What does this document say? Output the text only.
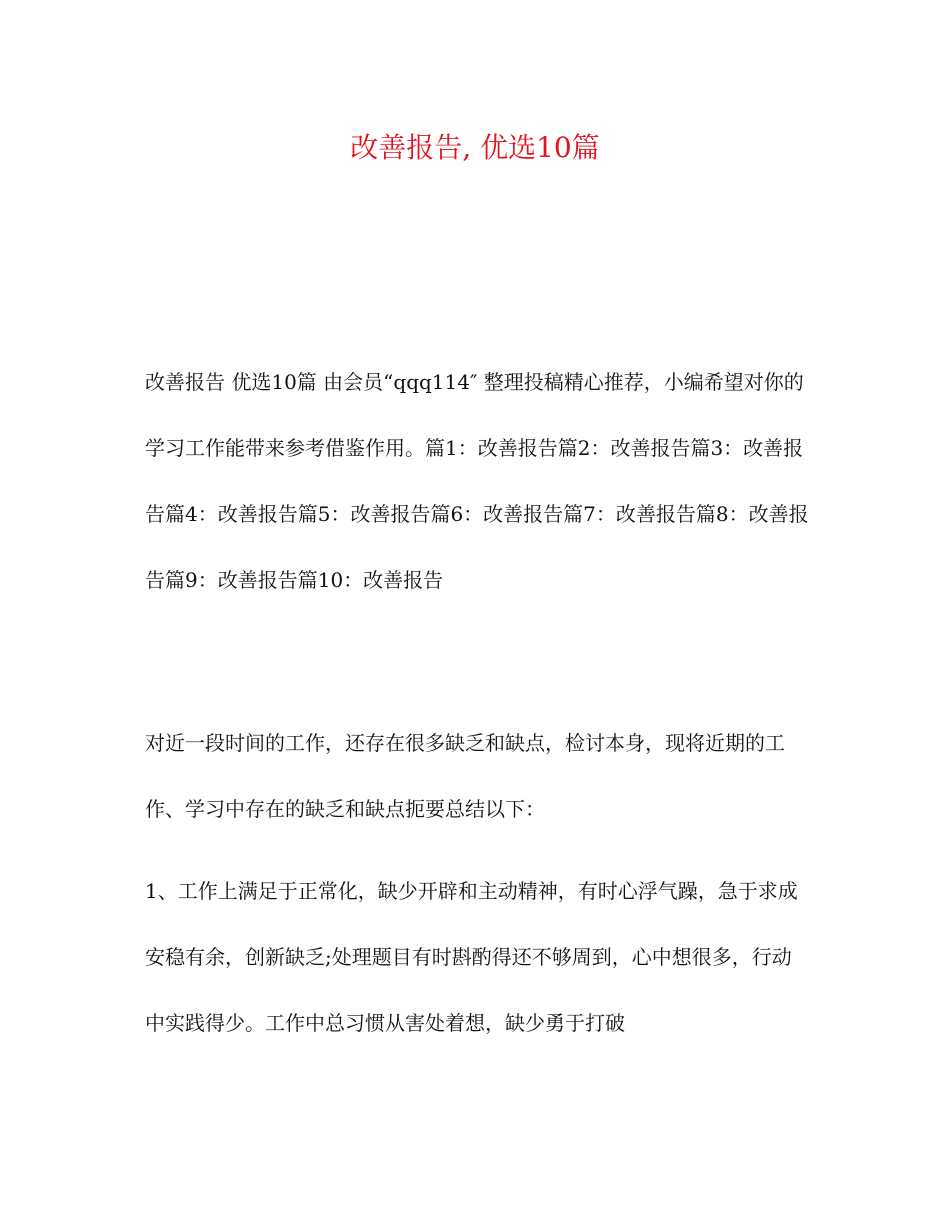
改善报告, 优选10篇

改善报告 优选10篇 由会员“qqq114″ 整理投稿精心推荐，小编希望对你的学习工作能带来参考借鉴作用。篇1：改善报告篇2：改善报告篇3：改善报告篇4：改善报告篇5：改善报告篇6：改善报告篇7：改善报告篇8：改善报告篇9：改善报告篇10：改善报告

对近一段时间的工作，还存在很多缺乏和缺点，检讨本身，现将近期的工作、学习中存在的缺乏和缺点扼要总结以下：

1、工作上满足于正常化，缺少开辟和主动精神，有时心浮气躁，急于求成安稳有余，创新缺乏;处理题目有时斟酌得还不够周到，心中想很多，行动中实践得少。工作中总习惯从害处着想，缺少勇于打破
